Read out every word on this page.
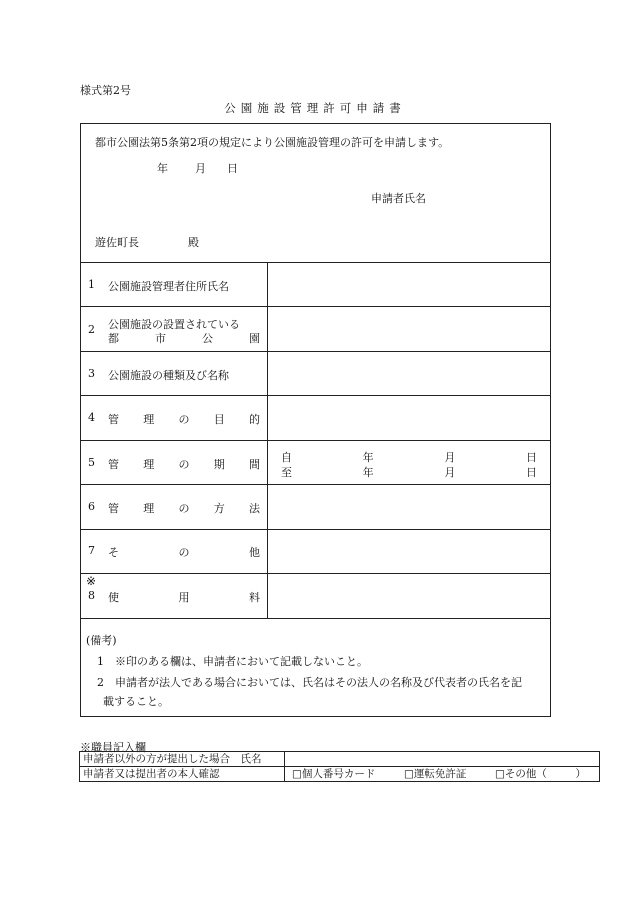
様式第2号
公園施設管理許可申請書
都市公園法第5条第2項の規定により公園施設管理の許可を申請します。
年 月 日
申請者氏名
遊佐町長	殿
1 公園施設管理者住所氏名
2 公園施設の設置されている
都	市	公	園
3 公園施設の種類及び名称
4 管 理 の 目 的
5 管 理 の 期 間
自	年	月	日
至	年	月	日
6 管 理 の 方 法
7 そ	の	他
※
8 使	用	料
(備考)
1　※印のある欄は、申請者において記載しないこと。
2　申請者が法人である場合においては、氏名はその法人の名称及び代表者の氏名を記
載すること。
※職員記入欄
申請者以外の方が提出した場合　氏名	
申請者又は提出者の本人確認	□個人番号カード □運転免許証 □その他（ ）
